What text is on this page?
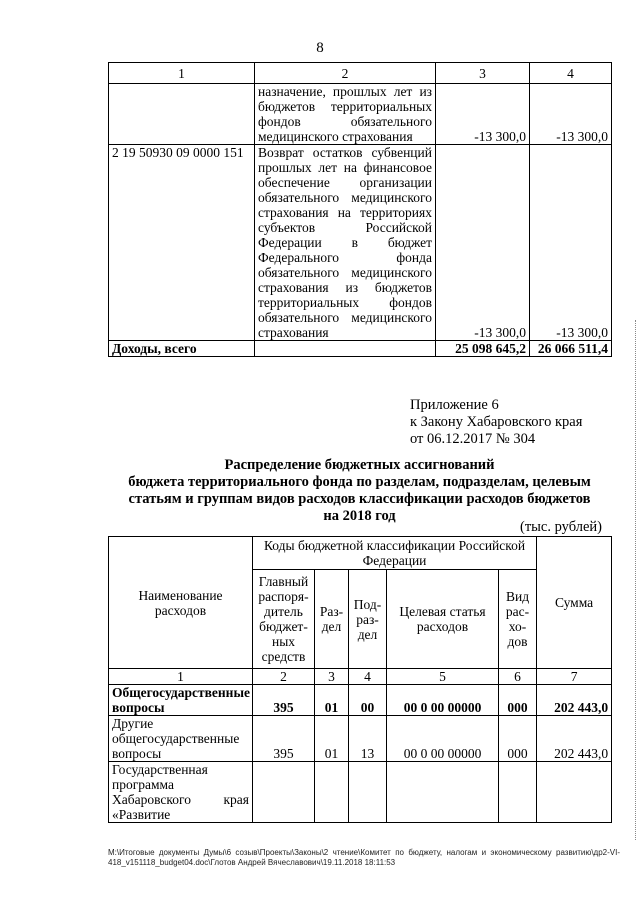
8
1	2	3	4
	назначение, прошлых лет из бюджетов территориальных фондов обязательного медицинского страхования	-13 300,0	-13 300,0
2 19 50930 09 0000 151	Возврат остатков субвенций прошлых лет на финансовое обеспечение организации обязательного медицинского страхования на территориях субъектов Российской Федерации в бюджет Федерального фонда обязательного медицинского страхования из бюджетов территориальных фондов обязательного медицинского страхования	-13 300,0	-13 300,0
Доходы, всего		25 098 645,2	26 066 511,4
Приложение 6
к Закону Хабаровского края
от 06.12.2017 № 304
Распределение бюджетных ассигнований
бюджета территориального фонда по разделам, подразделам, целевым
статьям и группам видов расходов классификации расходов бюджетов
на 2018 год
(тыс. рублей)
Наименование расходов	Коды бюджетной классификации Российской Федерации					Сумма
	Главный распоря-дитель бюджет-ных средств	Раз-дел	Под-раз-дел	Целевая статья расходов	Вид рас-хо-дов	
1	2	3	4	5	6	7
Общегосударственные вопросы	395	01	00	00 0 00 00000	000	202 443,0
Другие общегосударственные вопросы	395	01	13	00 0 00 00000	000	202 443,0
Государственная программа Хабаровского края «Развитие						
M:\Итоговые документы Думы\6 созыв\Проекты\Законы\2 чтение\Комитет по бюджету, налогам и экономическому развитию\др2-VI-418_v151118_budget04.doc\Глотов Андрей Вячеславович\19.11.2018 18:11:53
